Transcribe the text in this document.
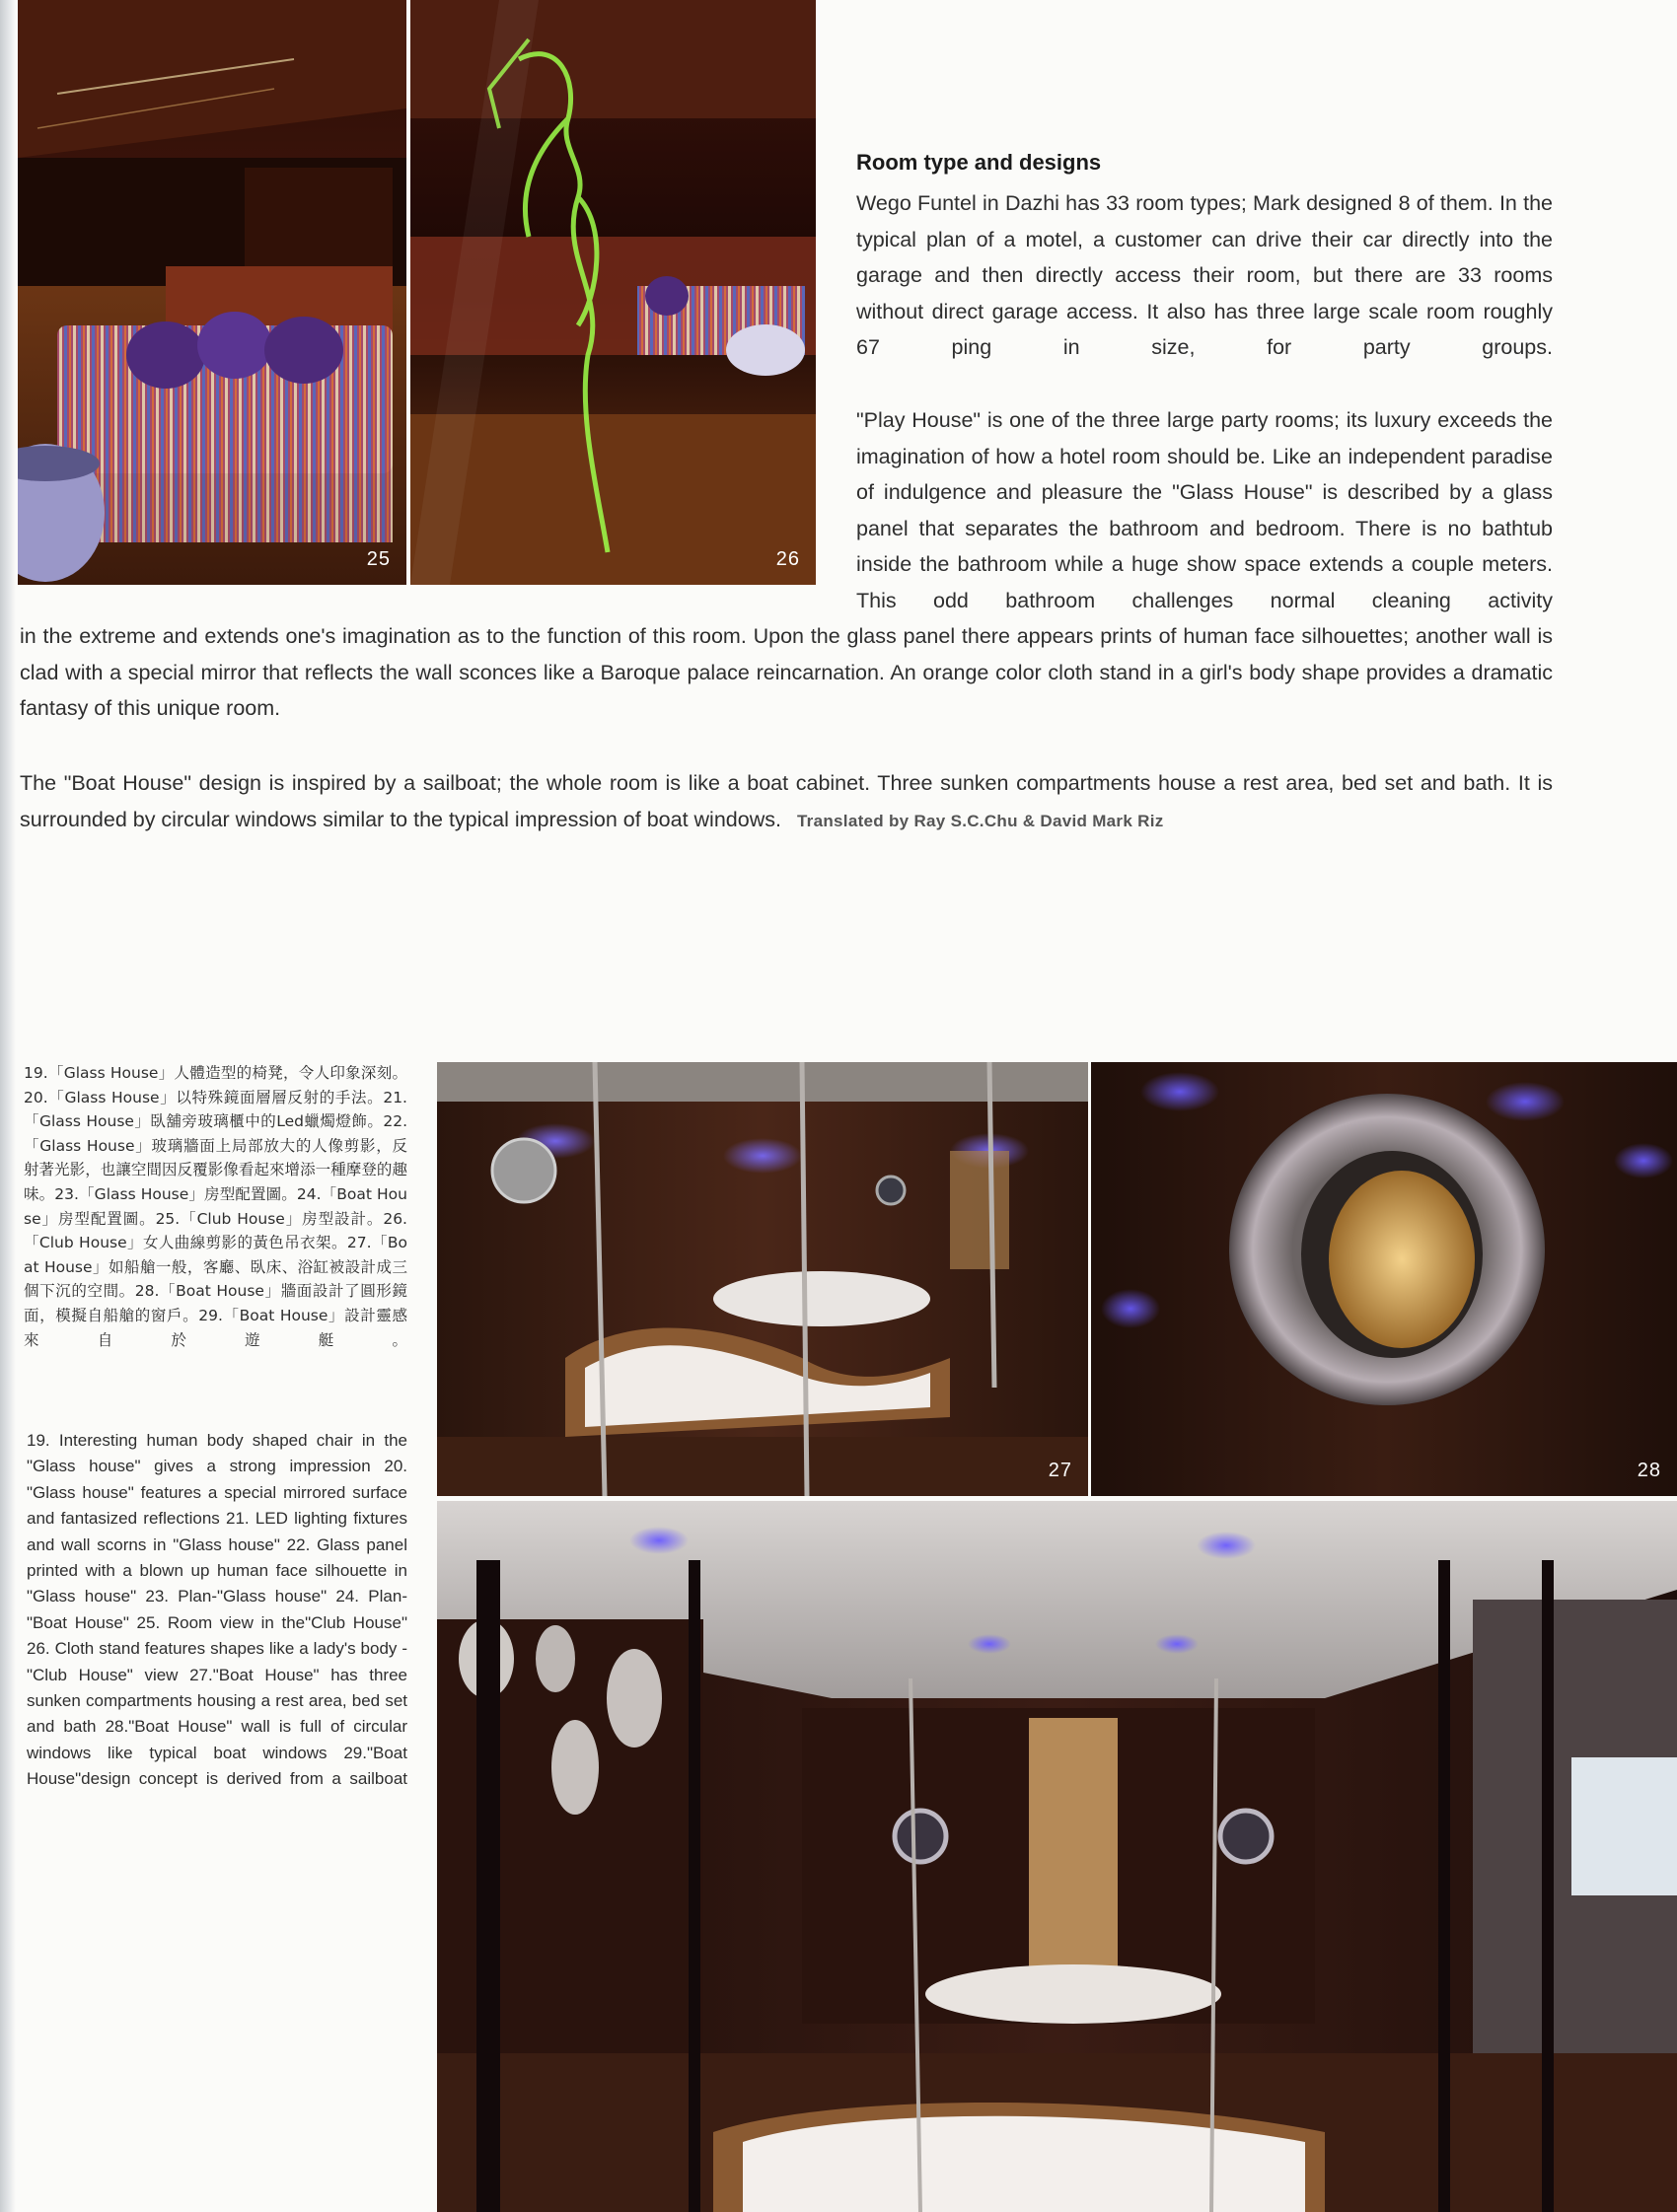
25	26
Room type and designs

Wego Funtel in Dazhi has 33 room types; Mark designed 8 of them. In the typical plan of a motel, a customer can drive their car directly into the garage and then directly access their room, but there are 33 rooms without direct garage access. It also has three large scale room roughly 67 ping in size, for party groups.

"Play House" is one of the three large party rooms; its luxury exceeds the imagination of how a hotel room should be. Like an independent paradise of indulgence and pleasure the "Glass House" is described by a glass panel that separates the bathroom and bedroom. There is no bathtub inside the bathroom while a huge show space extends a couple meters. This odd bathroom challenges normal cleaning activity

in the extreme and extends one's imagination as to the function of this room. Upon the glass panel there appears prints of human face silhouettes; another wall is clad with a special mirror that reflects the wall sconces like a Baroque palace reincarnation. An orange color cloth stand in a girl's body shape provides a dramatic fantasy of this unique room.

The "Boat House" design is inspired by a sailboat; the whole room is like a boat cabinet. Three sunken compartments house a rest area, bed set and bath. It is surrounded by circular windows similar to the typical impression of boat windows. Translated by Ray S.C.Chu & David Mark Riz

19.「Glass House」人體造型的椅凳，令人印象深刻。20.「Glass House」以特殊鏡面層層反射的手法。21.「Glass House」臥舖旁玻璃櫃中的Led蠟燭燈飾。22.「Glass House」玻璃牆面上局部放大的人像剪影，反射著光影，也讓空間因反覆影像看起來增添一種摩登的趣味。23.「Glass House」房型配置圖。24.「Boat House」房型配置圖。25.「Club House」房型設計。26.「Club House」女人曲線剪影的黃色吊衣架。27.「Boat House」如船艙一般，客廳、臥床、浴缸被設計成三個下沉的空間。28.「Boat House」牆面設計了圓形鏡面，模擬自船艙的窗戶。29.「Boat House」設計靈感來自於遊艇。

19. Interesting human body shaped chair in the "Glass house" gives a strong impression 20. "Glass house" features a special mirrored surface and fantasized reflections 21. LED lighting fixtures and wall scorns in "Glass house" 22. Glass panel printed with a blown up human face silhouette in "Glass house" 23. Plan-"Glass house" 24. Plan-"Boat House" 25. Room view in the"Club House" 26. Cloth stand features shapes like a lady's body -"Club House" view 27."Boat House" has three sunken compartments housing a rest area, bed set and bath 28."Boat House" wall is full of circular windows like typical boat windows 29."Boat House"design concept is derived from a sailboat

27	28
